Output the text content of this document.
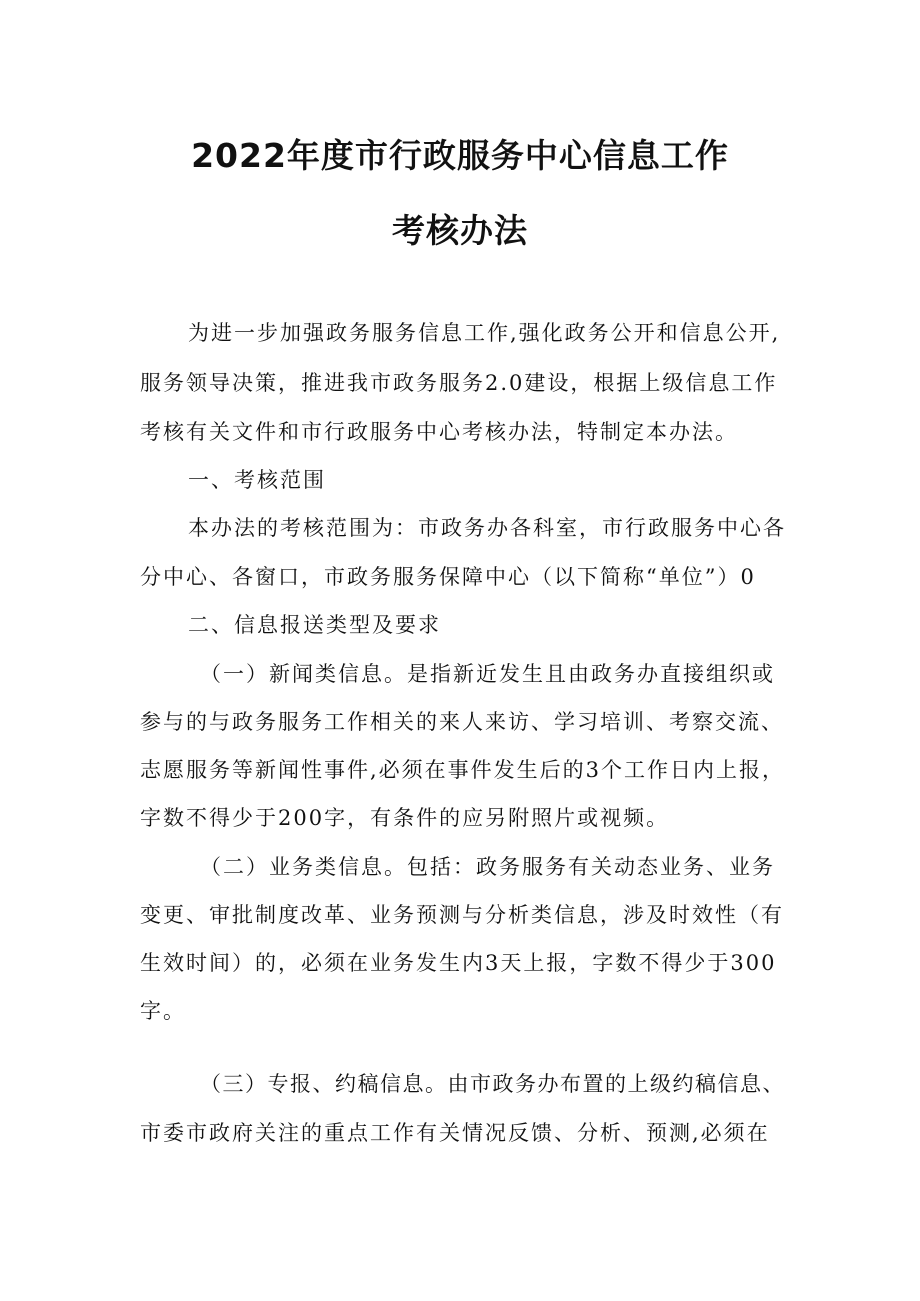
2022年度市行政服务中心信息工作
考核办法
为进一步加强政务服务信息工作,强化政务公开和信息公开,
服务领导决策，推进我市政务服务2.0建设，根据上级信息工作
考核有关文件和市行政服务中心考核办法，特制定本办法。
一、考核范围
本办法的考核范围为：市政务办各科室，市行政服务中心各
分中心、各窗口，市政务服务保障中心（以下简称“单位”）0
二、信息报送类型及要求
（一）新闻类信息。是指新近发生且由政务办直接组织或
参与的与政务服务工作相关的来人来访、学习培训、考察交流、
志愿服务等新闻性事件,必须在事件发生后的3个工作日内上报，
字数不得少于200字，有条件的应另附照片或视频。
（二）业务类信息。包括：政务服务有关动态业务、业务
变更、审批制度改革、业务预测与分析类信息，涉及时效性（有
生效时间）的，必须在业务发生内3天上报，字数不得少于300
字。
（三）专报、约稿信息。由市政务办布置的上级约稿信息、
市委市政府关注的重点工作有关情况反馈、分析、预测,必须在
